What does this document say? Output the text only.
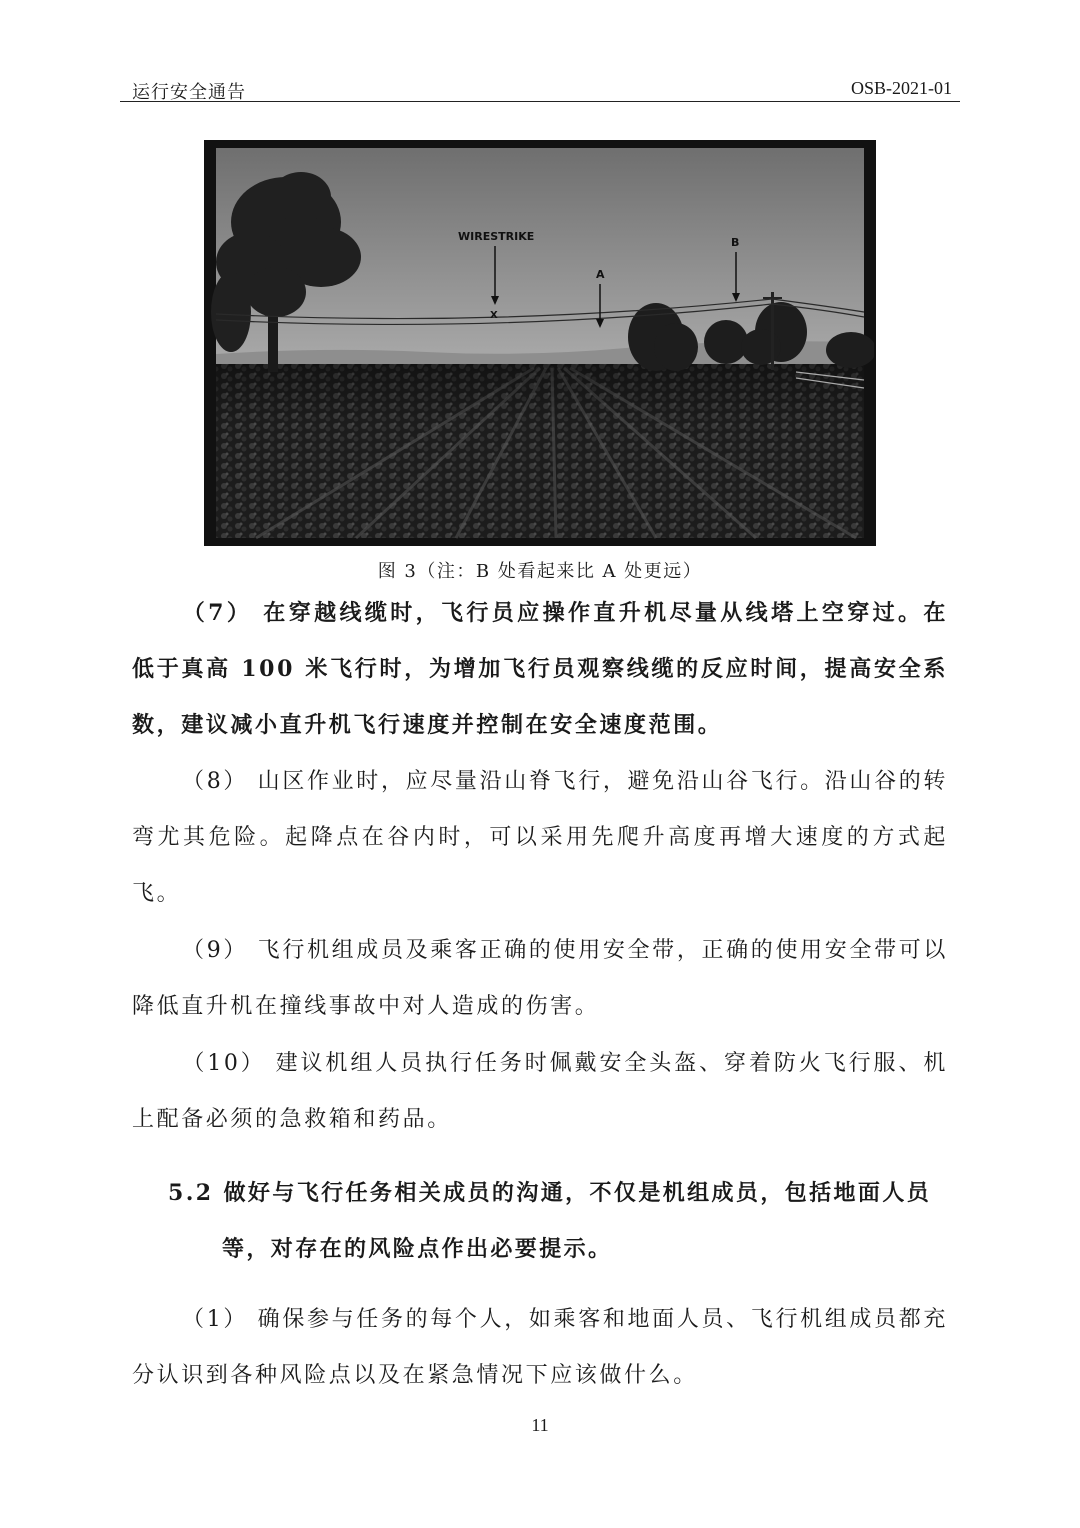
运行安全通告	OSB-2021-01
WIRESTRIKE
X
A
B
图 3（注：B 处看起来比 A 处更远）

（7） 在穿越线缆时，飞行员应操作直升机尽量从线塔上空穿过。在低于真高 100 米飞行时，为增加飞行员观察线缆的反应时间，提高安全系数，建议减小直升机飞行速度并控制在安全速度范围。

（8） 山区作业时，应尽量沿山脊飞行，避免沿山谷飞行。沿山谷的转弯尤其危险。起降点在谷内时，可以采用先爬升高度再增大速度的方式起飞。

（9） 飞行机组成员及乘客正确的使用安全带，正确的使用安全带可以降低直升机在撞线事故中对人造成的伤害。

（10） 建议机组人员执行任务时佩戴安全头盔、穿着防火飞行服、机上配备必须的急救箱和药品。

5.2 做好与飞行任务相关成员的沟通，不仅是机组成员，包括地面人员
等，对存在的风险点作出必要提示。

（1） 确保参与任务的每个人，如乘客和地面人员、飞行机组成员都充分认识到各种风险点以及在紧急情况下应该做什么。

11
